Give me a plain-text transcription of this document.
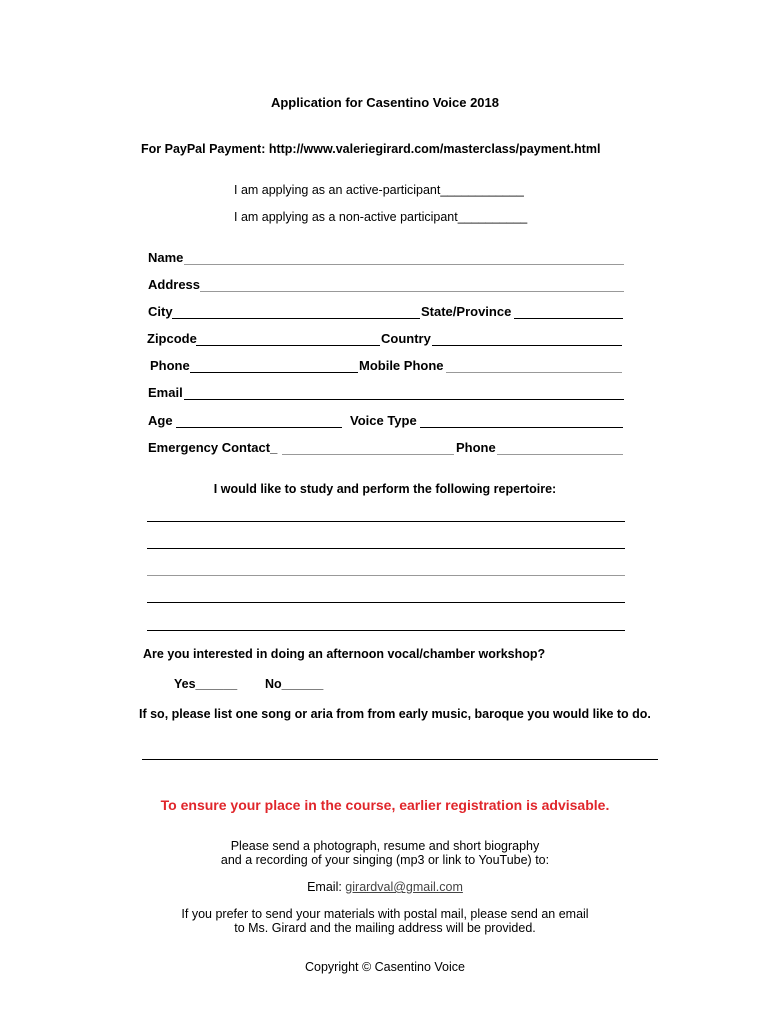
Application for Casentino Voice 2018
For PayPal Payment: http://www.valeriegirard.com/masterclass/payment.html
I am applying as an active-participant____________
I am applying as a non-active participant__________
Name
Address
City	State/Province
Zipcode	Country
Phone	Mobile Phone
Email
Age	Voice Type
Emergency Contact_	Phone
I would like to study and perform the following repertoire:
Are you interested in doing an afternoon vocal/chamber workshop?
Yes______ No______
If so, please list one song or aria from from early music, baroque you would like to do.
To ensure your place in the course, earlier registration is advisable.
Please send a photograph, resume and short biography
and a recording of your singing (mp3 or link to YouTube) to:
Email: girardval@gmail.com
If you prefer to send your materials with postal mail, please send an email
to Ms. Girard and the mailing address will be provided.
Copyright © Casentino Voice
